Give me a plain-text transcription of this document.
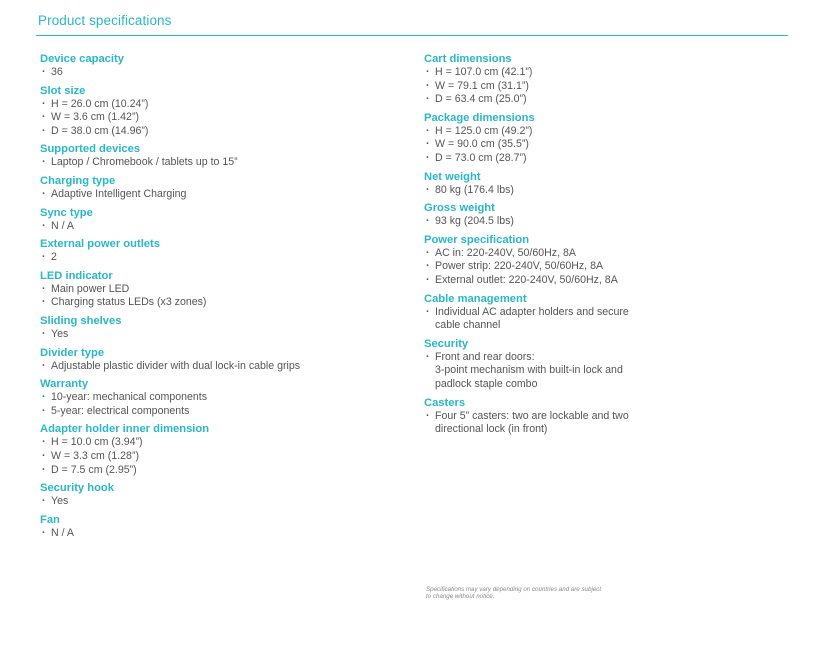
Product specifications
Device capacity
· 36
Slot size
· H = 26.0 cm (10.24”)
· W = 3.6 cm (1.42”)
· D = 38.0 cm (14.96”)
Supported devices
· Laptop / Chromebook / tablets up to 15”
Charging type
· Adaptive Intelligent Charging
Sync type
· N / A
External power outlets
· 2
LED indicator
· Main power LED
· Charging status LEDs (x3 zones)
Sliding shelves
· Yes
Divider type
· Adjustable plastic divider with dual lock-in cable grips
Warranty
· 10-year: mechanical components
· 5-year: electrical components
Adapter holder inner dimension
· H = 10.0 cm (3.94”)
· W = 3.3 cm (1.28”)
· D = 7.5 cm (2.95”)
Security hook
· Yes
Fan
· N / A
Cart dimensions
· H = 107.0 cm (42.1”)
· W = 79.1 cm (31.1”)
· D = 63.4 cm (25.0”)
Package dimensions
· H = 125.0 cm (49.2”)
· W = 90.0 cm (35.5”)
· D = 73.0 cm (28.7”)
Net weight
· 80 kg (176.4 lbs)
Gross weight
· 93 kg (204.5 lbs)
Power specification
· AC in: 220-240V, 50/60Hz, 8A
· Power strip: 220-240V, 50/60Hz, 8A
· External outlet: 220-240V, 50/60Hz, 8A
Cable management
· Individual AC adapter holders and secure
cable channel
Security
· Front and rear doors:
3-point mechanism with built-in lock and
padlock staple combo
Casters
· Four 5” casters: two are lockable and two
directional lock (in front)
Specifications may vary depending on countries and are subject
to change without notice.
